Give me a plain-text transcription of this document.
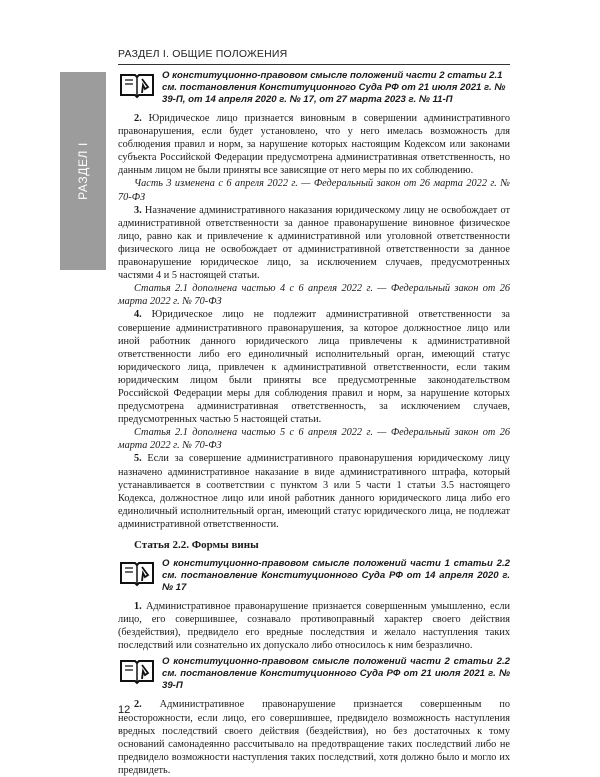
РАЗДЕЛ I. ОБЩИЕ ПОЛОЖЕНИЯ
РАЗДЕЛ I
О конституционно-правовом смысле положений части 2 статьи 2.1 см. постановления Конституционного Суда РФ от 21 июля 2021 г. № 39-П, от 14 апреля 2020 г. № 17, от 27 марта 2023 г. № 11-П

2. Юридическое лицо признается виновным в совершении административного правонарушения, если будет установлено, что у него имелась возможность для соблюдения правил и норм, за нарушение которых настоящим Кодексом или законами субъекта Российской Федерации предусмотрена административная ответственность, но данным лицом не были приняты все зависящие от него меры по их соблюдению.

Часть 3 изменена с 6 апреля 2022 г. — Федеральный закон от 26 марта 2022 г. № 70-ФЗ

3. Назначение административного наказания юридическому лицу не освобождает от административной ответственности за данное правонарушение виновное физическое лицо, равно как и привлечение к административной или уголовной ответственности физического лица не освобождает от административной ответственности за данное правонарушение юридическое лицо, за исключением случаев, предусмотренных частями 4 и 5 настоящей статьи.

Статья 2.1 дополнена частью 4 с 6 апреля 2022 г. — Федеральный закон от 26 марта 2022 г. № 70-ФЗ

4. Юридическое лицо не подлежит административной ответственности за совершение административного правонарушения, за которое должностное лицо или иной работник данного юридического лица привлечены к административной ответственности либо его единоличный исполнительный орган, имеющий статус юридического лица, привлечен к административной ответственности, если таким юридическим лицом были приняты все предусмотренные законодательством Российской Федерации меры для соблюдения правил и норм, за нарушение которых предусмотрена административная ответственность, за исключением случаев, предусмотренных частью 5 настоящей статьи.

Статья 2.1 дополнена частью 5 с 6 апреля 2022 г. — Федеральный закон от 26 марта 2022 г. № 70-ФЗ

5. Если за совершение административного правонарушения юридическому лицу назначено административное наказание в виде административного штрафа, который устанавливается в соответствии с пунктом 3 или 5 части 1 статьи 3.5 настоящего Кодекса, должностное лицо или иной работник данного юридического лица либо его единоличный исполнительный орган, имеющий статус юридического лица, не подлежат административной ответственности.

Статья 2.2. Формы вины

О конституционно-правовом смысле положений части 1 статьи 2.2 см. постановление Конституционного Суда РФ от 14 апреля 2020 г. № 17

1. Административное правонарушение признается совершенным умышленно, если лицо, его совершившее, сознавало противоправный характер своего действия (бездействия), предвидело его вредные последствия и желало наступления таких последствий или сознательно их допускало либо относилось к ним безразлично.

О конституционно-правовом смысле положений части 2 статьи 2.2 см. постановление Конституционного Суда РФ от 21 июля 2021 г. № 39-П

2. Административное правонарушение признается совершенным по неосторожности, если лицо, его совершившее, предвидело возможность наступления вредных последствий своего действия (бездействия), но без достаточных к тому оснований самонадеянно рассчитывало на предотвращение таких последствий либо не предвидело возможности наступления таких последствий, хотя должно было и могло их предвидеть.

12
